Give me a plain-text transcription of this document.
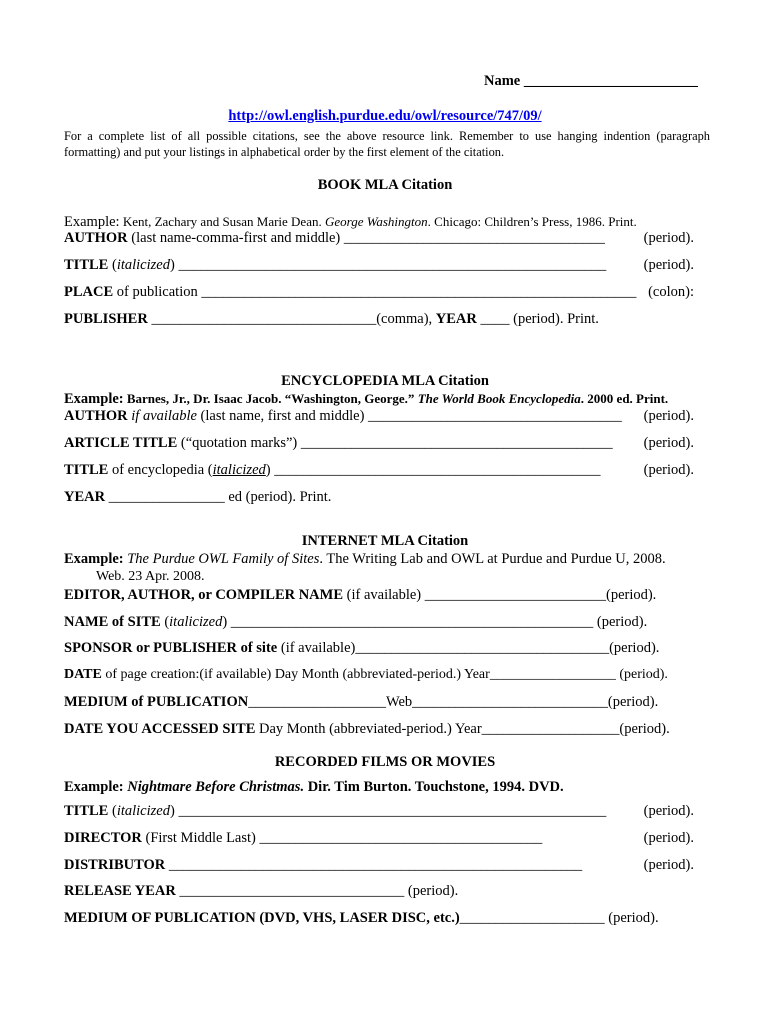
Name ________________________
http://owl.english.purdue.edu/owl/resource/747/09/
For a complete list of all possible citations, see the above resource link. Remember to use hanging indention (paragraph formatting) and put your listings in alphabetical order by the first element of the citation.
BOOK MLA Citation
Example: Kent, Zachary and Susan Marie Dean. George Washington. Chicago: Children’s Press, 1986. Print.
AUTHOR (last name-comma-first and middle) ____________________________________	(period).
TITLE (italicized) ___________________________________________________________	(period).
PLACE of publication ____________________________________________________________ (colon):
PUBLISHER _______________________________(comma), YEAR ____ (period). Print.
ENCYCLOPEDIA MLA Citation
Example: Barnes, Jr., Dr. Isaac Jacob. “Washington, George.” The World Book Encyclopedia. 2000 ed. Print.
AUTHOR if available (last name, first and middle) ___________________________________ (period).
ARTICLE TITLE (“quotation marks”) ___________________________________________ (period).
TITLE of encyclopedia (italicized) _____________________________________________	(period).
YEAR ________________ ed (period). Print.
INTERNET MLA Citation
Example: The Purdue OWL Family of Sites. The Writing Lab and OWL at Purdue and Purdue U, 2008.
Web. 23 Apr. 2008.
EDITOR, AUTHOR, or COMPILER NAME (if available) _________________________(period).
NAME of SITE (italicized) __________________________________________________ (period).
SPONSOR or PUBLISHER of site (if available)___________________________________(period).
DATE of page creation:(if available) Day Month (abbreviated-period.) Year__________________ (period).
MEDIUM of PUBLICATION___________________Web___________________________(period).
DATE YOU ACCESSED SITE Day Month (abbreviated-period.) Year___________________(period).
RECORDED FILMS OR MOVIES
Example: Nightmare Before Christmas. Dir. Tim Burton. Touchstone, 1994. DVD.
TITLE (italicized) ___________________________________________________________	(period).
DIRECTOR (First Middle Last) _______________________________________	(period).
DISTRIBUTOR _________________________________________________________	(period).
RELEASE YEAR _______________________________ (period).
MEDIUM OF PUBLICATION (DVD, VHS, LASER DISC, etc.)____________________ (period).
